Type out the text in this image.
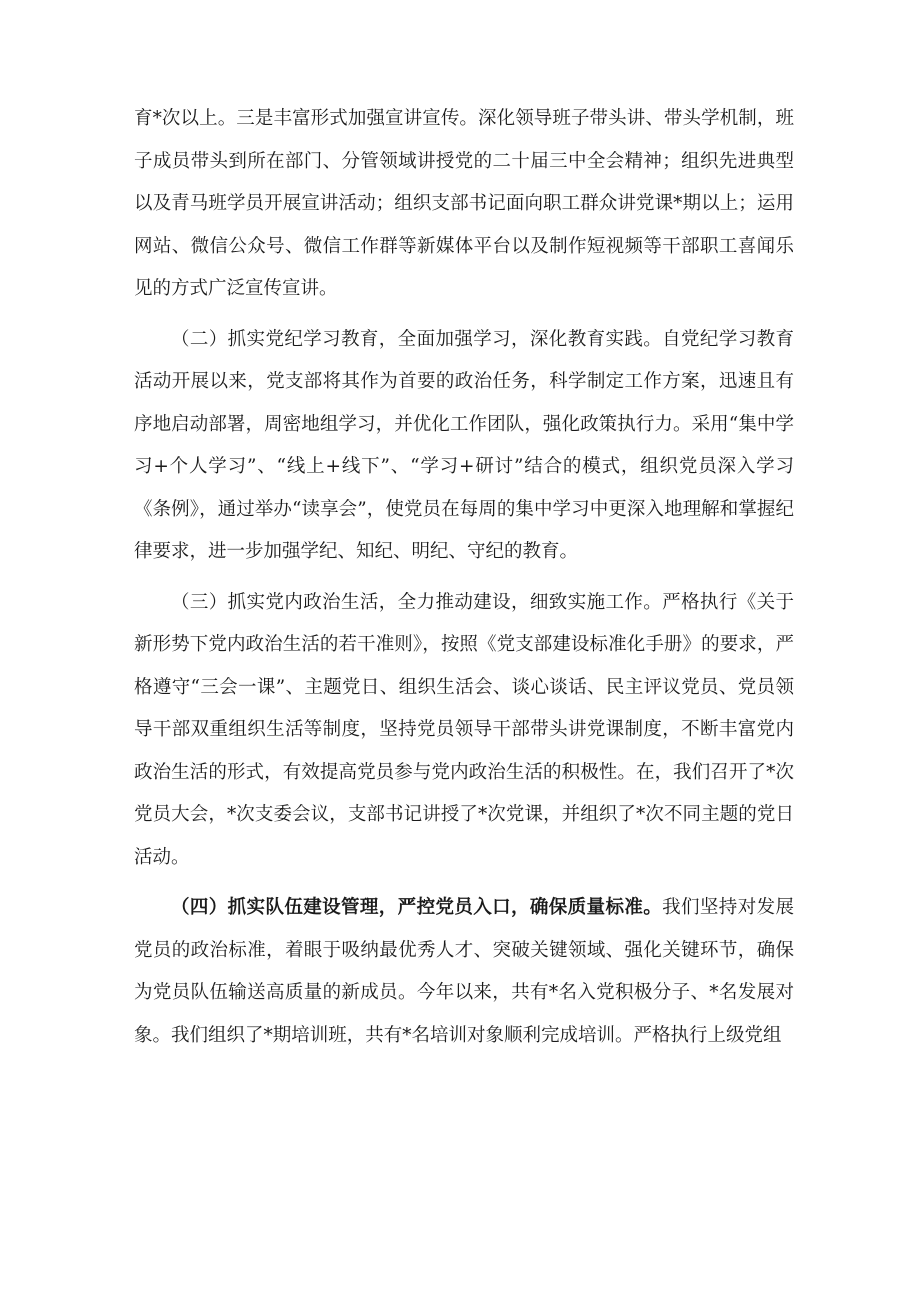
育*次以上。三是丰富形式加强宣讲宣传。深化领导班子带头讲、带头学机制，班子成员带头到所在部门、分管领域讲授党的二十届三中全会精神；组织先进典型以及青马班学员开展宣讲活动；组织支部书记面向职工群众讲党课*期以上；运用网站、微信公众号、微信工作群等新媒体平台以及制作短视频等干部职工喜闻乐见的方式广泛宣传宣讲。

（二）抓实党纪学习教育，全面加强学习，深化教育实践。自党纪学习教育活动开展以来，党支部将其作为首要的政治任务，科学制定工作方案，迅速且有序地启动部署，周密地组学习，并优化工作团队，强化政策执行力。采用“集中学习+个人学习”、“线上+线下”、“学习+研讨”结合的模式，组织党员深入学习《条例》，通过举办“读享会”，使党员在每周的集中学习中更深入地理解和掌握纪律要求，进一步加强学纪、知纪、明纪、守纪的教育。

（三）抓实党内政治生活，全力推动建设，细致实施工作。严格执行《关于新形势下党内政治生活的若干准则》，按照《党支部建设标准化手册》的要求，严格遵守“三会一课”、主题党日、组织生活会、谈心谈话、民主评议党员、党员领导干部双重组织生活等制度，坚持党员领导干部带头讲党课制度，不断丰富党内政治生活的形式，有效提高党员参与党内政治生活的积极性。在，我们召开了*次党员大会，*次支委会议，支部书记讲授了*次党课，并组织了*次不同主题的党日活动。

（四）抓实队伍建设管理，严控党员入口，确保质量标准。我们坚持对发展党员的政治标准，着眼于吸纳最优秀人才、突破关键领域、强化关键环节，确保为党员队伍输送高质量的新成员。今年以来，共有*名入党积极分子、*名发展对象。我们组织了*期培训班，共有*名培训对象顺利完成培训。严格执行上级党组
